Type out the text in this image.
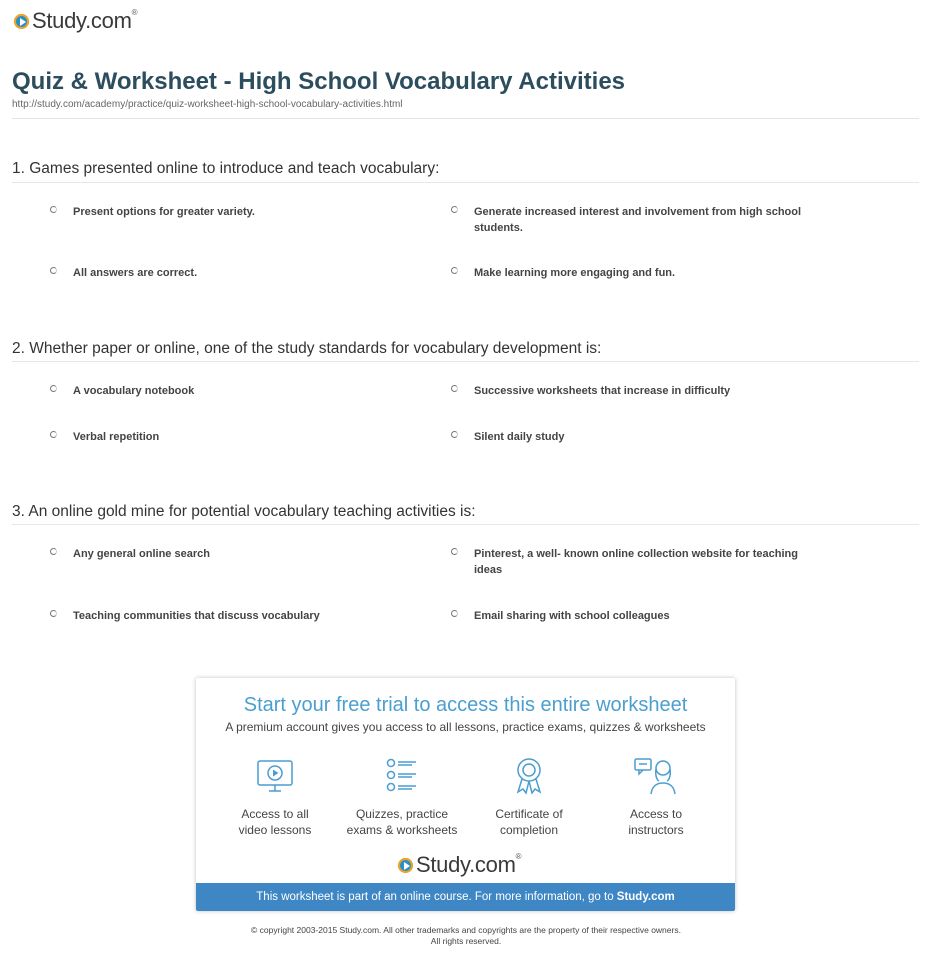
Study.com®
Quiz & Worksheet - High School Vocabulary Activities
http://study.com/academy/practice/quiz-worksheet-high-school-vocabulary-activities.html
1. Games presented online to introduce and teach vocabulary:
Present options for greater variety.	Generate increased interest and involvement from high school students.
All answers are correct.	Make learning more engaging and fun.
2. Whether paper or online, one of the study standards for vocabulary development is:
A vocabulary notebook	Successive worksheets that increase in difficulty
Verbal repetition	Silent daily study
3. An online gold mine for potential vocabulary teaching activities is:
Any general online search	Pinterest, a well- known online collection website for teaching ideas
Teaching communities that discuss vocabulary	Email sharing with school colleagues
Start your free trial to access this entire worksheet
A premium account gives you access to all lessons, practice exams, quizzes & worksheets
Access to all
video lessons
Quizzes, practice
exams & worksheets
Certificate of
completion
Access to
instructors
Study.com®
This worksheet is part of an online course. For more information, go to Study.com
© copyright 2003-2015 Study.com. All other trademarks and copyrights are the property of their respective owners.
All rights reserved.
